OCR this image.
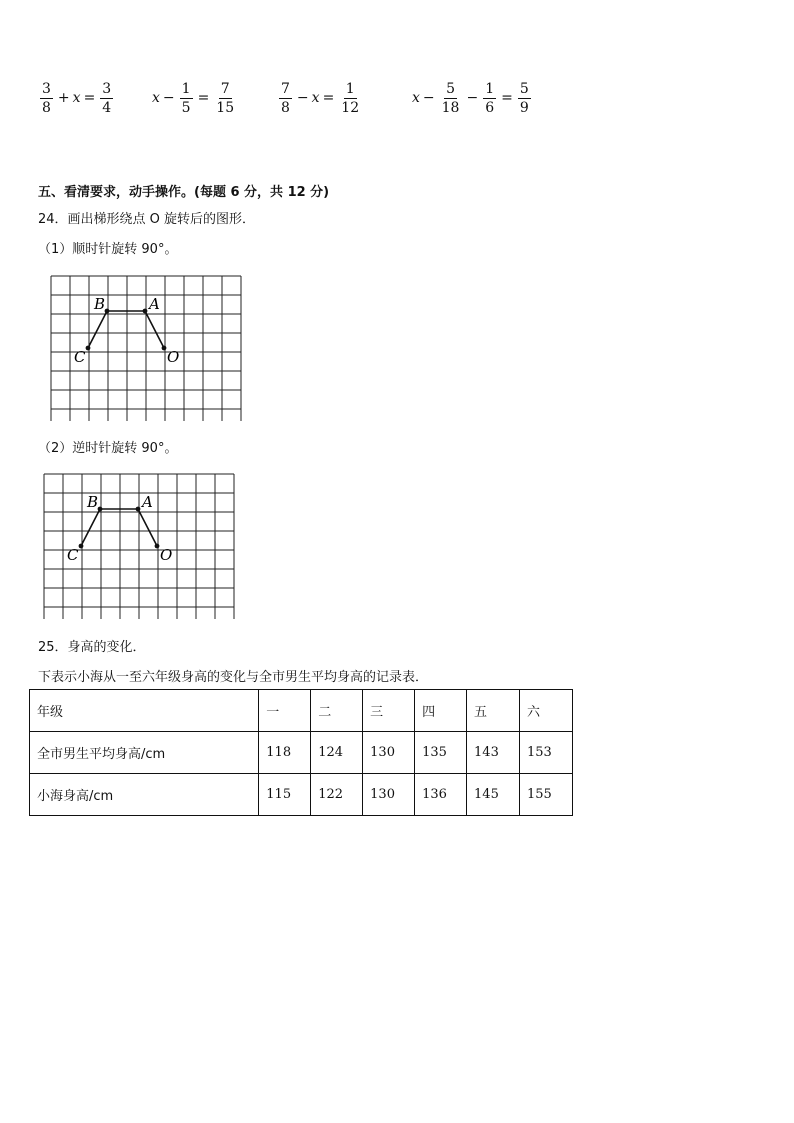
$\frac{3}{8} + x = \frac{3}{4}$	$x - \frac{1}{5} = \frac{7}{15}$	$\frac{7}{8} - x = \frac{1}{12}$	$x - \frac{5}{18} - \frac{1}{6} = \frac{5}{9}$
五、看清要求，动手操作。(每题 6 分，共 12 分)
24．画出梯形绕点 O 旋转后的图形．
（1）顺时针旋转 90°。
B	A
C	O
（2）逆时针旋转 90°。
B	A
C	O
25．身高的变化．
下表示小海从一至六年级身高的变化与全市男生平均身高的记录表．
年级	一	二	三	四	五	六
全市男生平均身高/cm	118	124	130	135	143	153
小海身高/cm	115	122	130	136	145	155
